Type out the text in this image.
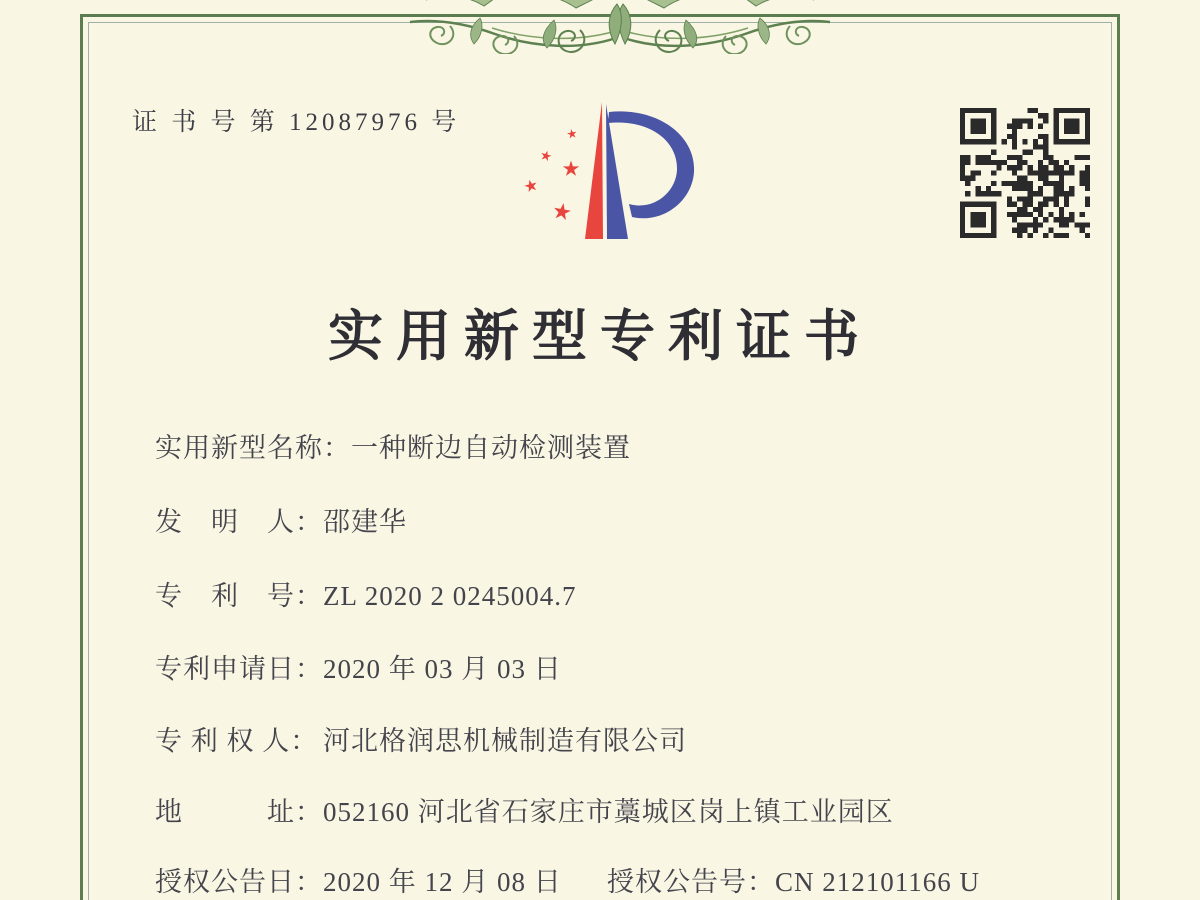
证 书 号 第 12087976 号
实用新型专利证书
实用新型名称：一种断边自动检测装置
发　明　人：邵建华
专　利　号：ZL 2020 2 0245004.7
专利申请日：2020 年 03 月 03 日
专 利 权 人： 河北格润思机械制造有限公司
地　　　址：052160 河北省石家庄市藁城区岗上镇工业园区
授权公告日：2020 年 12 月 08 日 授权公告号：CN 212101166 U
